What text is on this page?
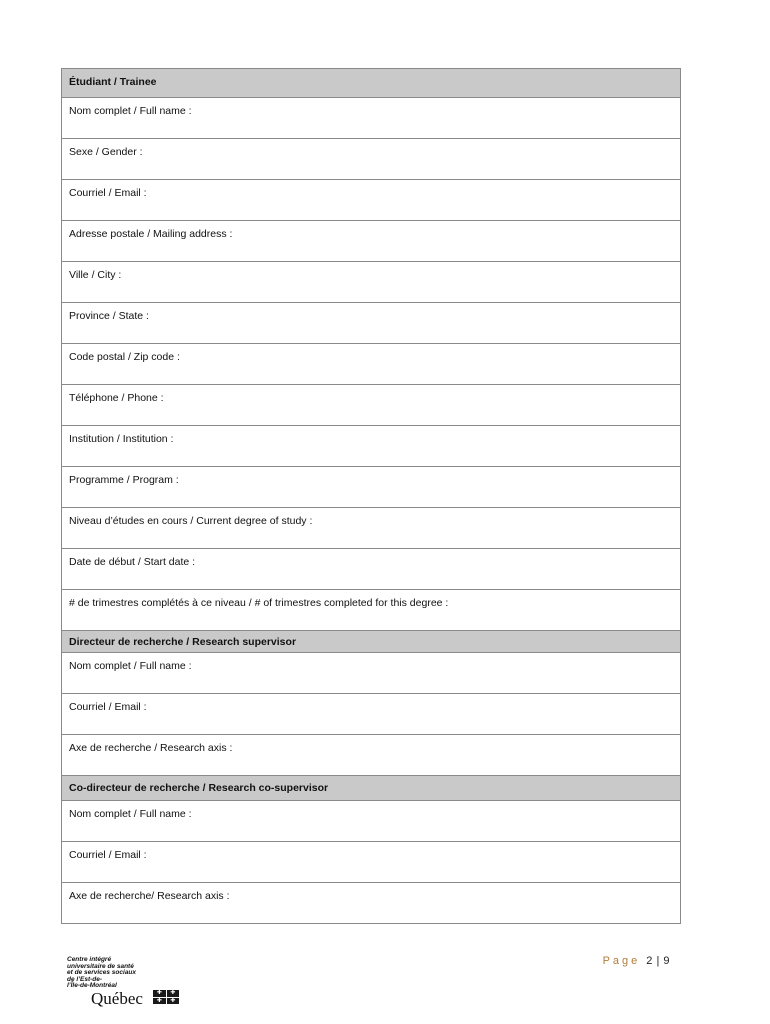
Étudiant / Trainee
Nom complet / Full name :
Sexe / Gender :
Courriel / Email :
Adresse postale / Mailing address :
Ville / City :
Province / State :
Code postal / Zip code :
Téléphone / Phone :
Institution / Institution :
Programme / Program :
Niveau d’études en cours / Current degree of study :
Date de début / Start date :
# de trimestres complétés à ce niveau / # of trimestres completed for this degree :
Directeur de recherche / Research supervisor
Nom complet / Full name :
Courriel / Email :
Axe de recherche / Research axis :
Co-directeur de recherche / Research co-supervisor
Nom complet / Full name :
Courriel / Email :
Axe de recherche/ Research axis :
Page 2 | 9
Centre intégré
universitaire de santé
et de services sociaux
de l’Est-de-
l’Île-de-Montréal
Québec	✚	✚
✚	✚
